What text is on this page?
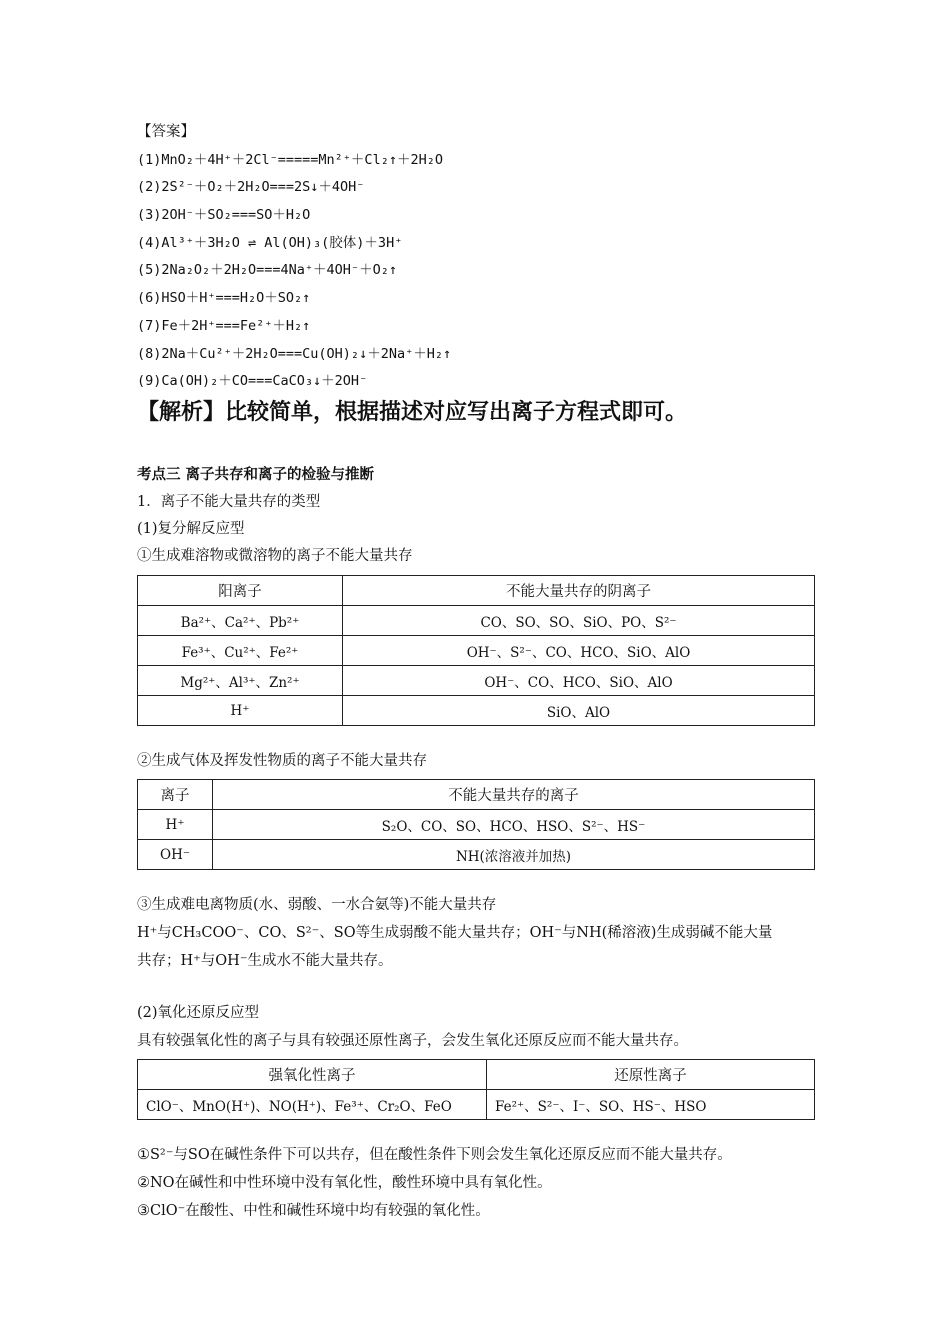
【答案】
(1)MnO₂＋4H⁺＋2Cl⁻=====Mn²⁺＋Cl₂↑＋2H₂O
(2)2S²⁻＋O₂＋2H₂O===2S↓＋4OH⁻
(3)2OH⁻＋SO₂===SO＋H₂O
(4)Al³⁺＋3H₂O ⇌ Al(OH)₃(胶体)＋3H⁺
(5)2Na₂O₂＋2H₂O===4Na⁺＋4OH⁻＋O₂↑
(6)HSO＋H⁺===H₂O＋SO₂↑
(7)Fe＋2H⁺===Fe²⁺＋H₂↑
(8)2Na＋Cu²⁺＋2H₂O===Cu(OH)₂↓＋2Na⁺＋H₂↑
(9)Ca(OH)₂＋CO===CaCO₃↓＋2OH⁻
【解析】比较简单，根据描述对应写出离子方程式即可。
考点三 离子共存和离子的检验与推断
1．离子不能大量共存的类型
(1)复分解反应型
①生成难溶物或微溶物的离子不能大量共存
阳离子	不能大量共存的阴离子
Ba²⁺、Ca²⁺、Pb²⁺	CO、SO、SO、SiO、PO、S²⁻
Fe³⁺、Cu²⁺、Fe²⁺	OH⁻、S²⁻、CO、HCO、SiO、AlO
Mg²⁺、Al³⁺、Zn²⁺	OH⁻、CO、HCO、SiO、AlO
H⁺	SiO、AlO
②生成气体及挥发性物质的离子不能大量共存
离子	不能大量共存的离子
H⁺	S₂O、CO、SO、HCO、HSO、S²⁻、HS⁻
OH⁻	NH(浓溶液并加热)
③生成难电离物质(水、弱酸、一水合氨等)不能大量共存
H⁺与CH₃COO⁻、CO、S²⁻、SO等生成弱酸不能大量共存；OH⁻与NH(稀溶液)生成弱碱不能大量
共存；H⁺与OH⁻生成水不能大量共存。
(2)氧化还原反应型
具有较强氧化性的离子与具有较强还原性离子，会发生氧化还原反应而不能大量共存。
强氧化性离子	还原性离子
ClO⁻、MnO(H⁺)、NO(H⁺)、Fe³⁺、Cr₂O、FeO	Fe²⁺、S²⁻、I⁻、SO、HS⁻、HSO
①S²⁻与SO在碱性条件下可以共存，但在酸性条件下则会发生氧化还原反应而不能大量共存。
②NO在碱性和中性环境中没有氧化性，酸性环境中具有氧化性。
③ClO⁻在酸性、中性和碱性环境中均有较强的氧化性。
